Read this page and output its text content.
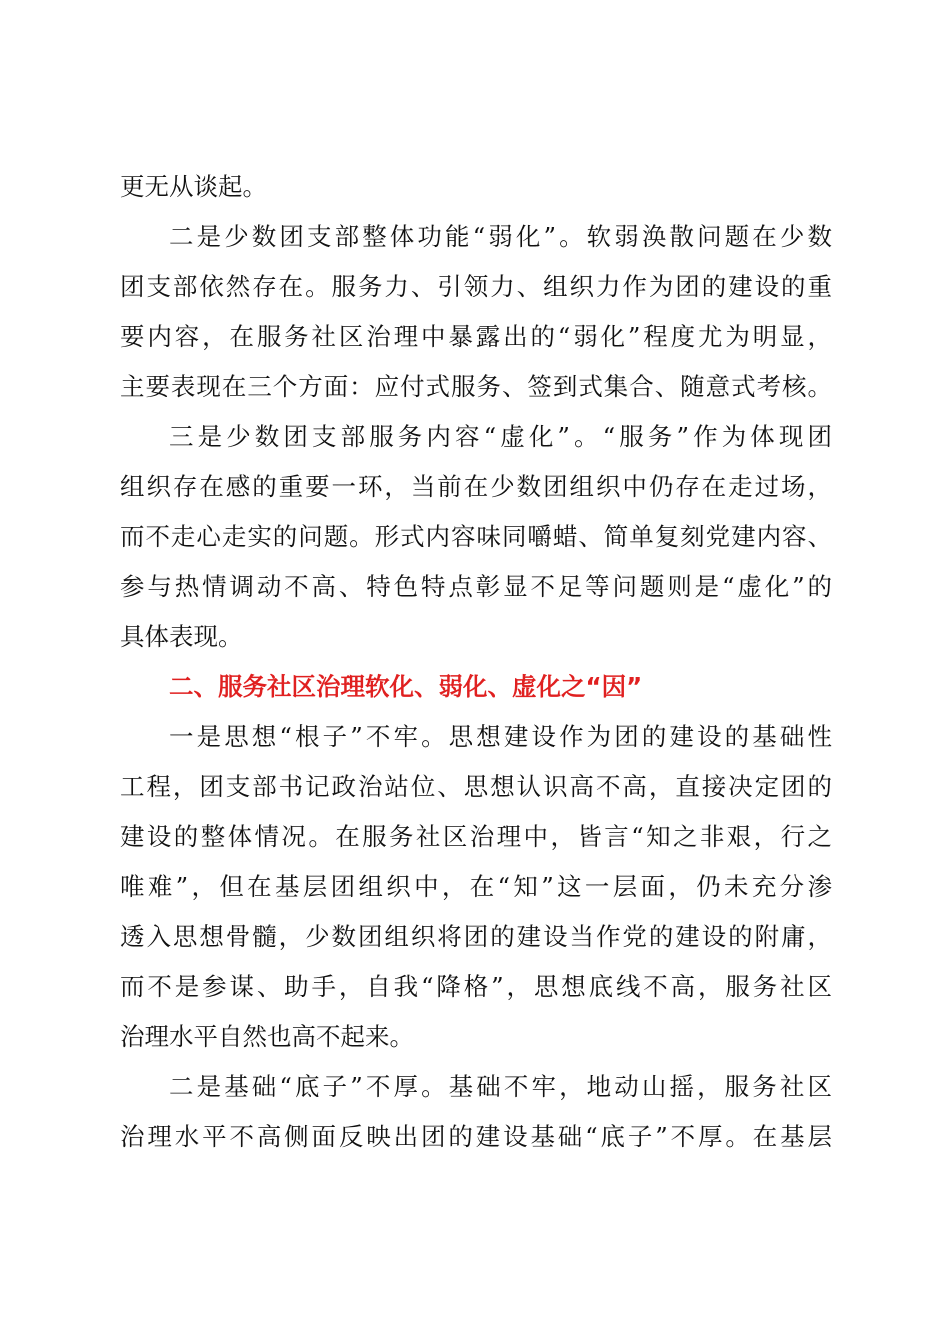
更无从谈起。
二是少数团支部整体功能“弱化”。软弱涣散问题在少数
团支部依然存在。服务力、引领力、组织力作为团的建设的重
要内容，在服务社区治理中暴露出的“弱化”程度尤为明显，
主要表现在三个方面：应付式服务、签到式集合、随意式考核。
三是少数团支部服务内容“虚化”。“服务”作为体现团
组织存在感的重要一环，当前在少数团组织中仍存在走过场，
而不走心走实的问题。形式内容味同嚼蜡、简单复刻党建内容、
参与热情调动不高、特色特点彰显不足等问题则是“虚化”的
具体表现。
二、服务社区治理软化、弱化、虚化之“因”
一是思想“根子”不牢。思想建设作为团的建设的基础性
工程，团支部书记政治站位、思想认识高不高，直接决定团的
建设的整体情况。在服务社区治理中，皆言“知之非艰，行之
唯难”，但在基层团组织中，在“知”这一层面，仍未充分渗
透入思想骨髓，少数团组织将团的建设当作党的建设的附庸，
而不是参谋、助手，自我“降格”，思想底线不高，服务社区
治理水平自然也高不起来。
二是基础“底子”不厚。基础不牢，地动山摇，服务社区
治理水平不高侧面反映出团的建设基础“底子”不厚。在基层
